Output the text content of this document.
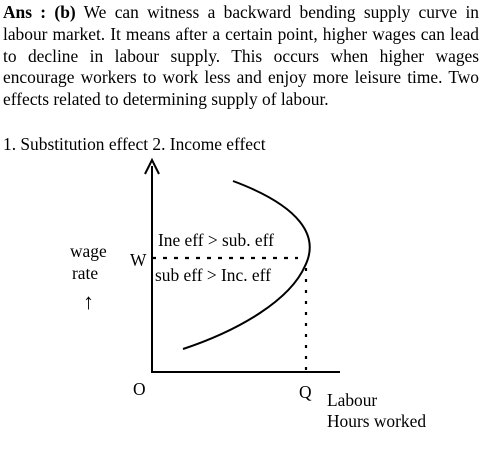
Ans : (b) We can witness a backward bending supply curve in labour market. It means after a certain point, higher wages can lead to decline in labour supply. This occurs when higher wages encourage workers to work less and enjoy more leisure time. Two effects related to determining supply of labour.

1. Substitution effect 2. Income effect

Ine eff > sub. eff
sub eff > Inc. eff
wage
rate
↑
W
O	Q Labour
Hours worked
